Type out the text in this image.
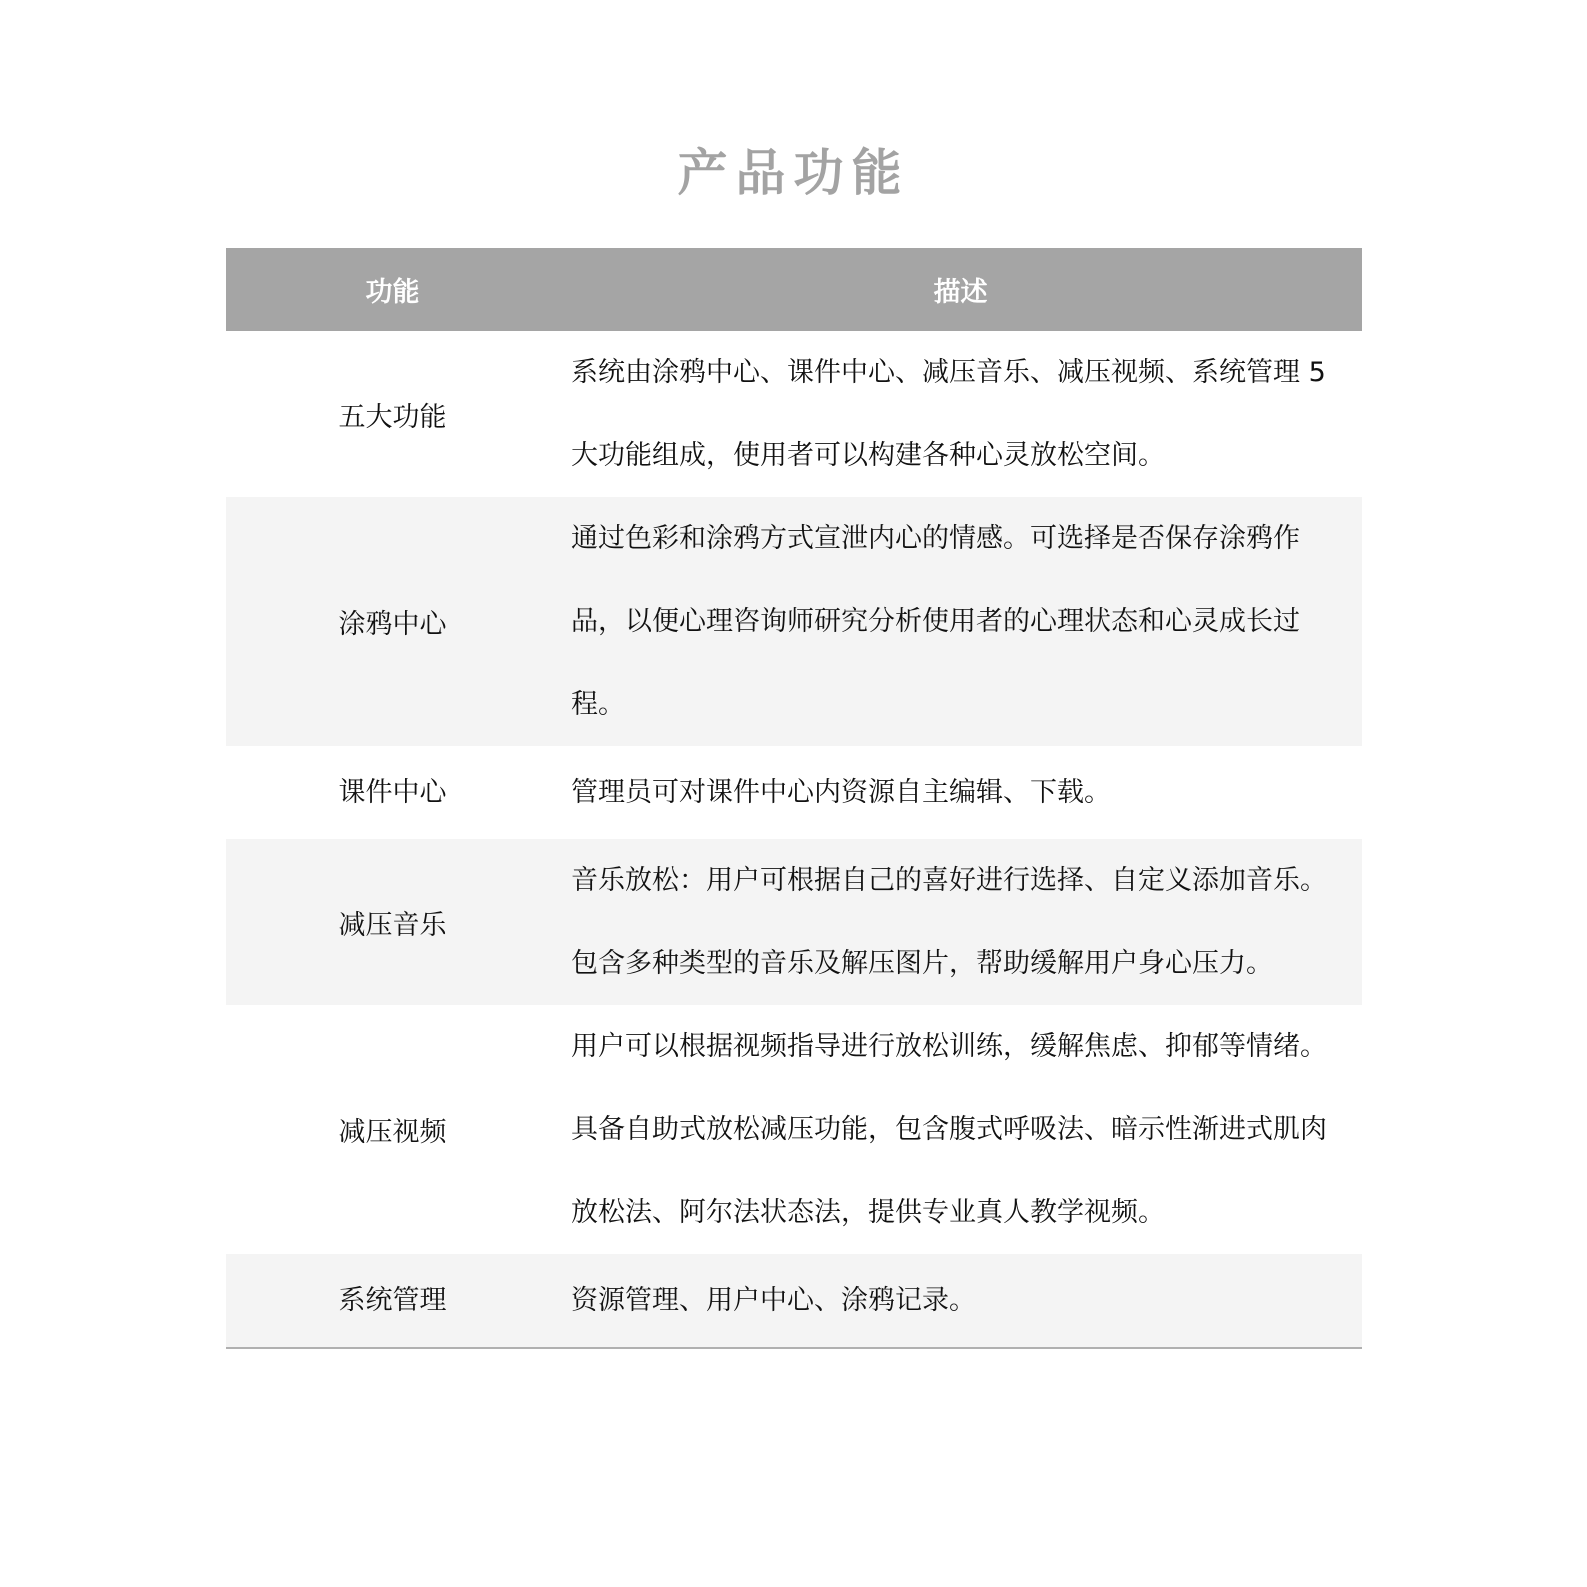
产品功能
功能	描述
五大功能	系统由涂鸦中心、课件中心、减压音乐、减压视频、系统管理 5 大功能组成，使用者可以构建各种心灵放松空间。
涂鸦中心	通过色彩和涂鸦方式宣泄内心的情感。可选择是否保存涂鸦作品，以便心理咨询师研究分析使用者的心理状态和心灵成长过程。
课件中心	管理员可对课件中心内资源自主编辑、下载。
减压音乐	音乐放松：用户可根据自己的喜好进行选择、自定义添加音乐。包含多种类型的音乐及解压图片，帮助缓解用户身心压力。
减压视频	用户可以根据视频指导进行放松训练，缓解焦虑、抑郁等情绪。具备自助式放松减压功能，包含腹式呼吸法、暗示性渐进式肌肉放松法、阿尔法状态法，提供专业真人教学视频。
系统管理	资源管理、用户中心、涂鸦记录。
